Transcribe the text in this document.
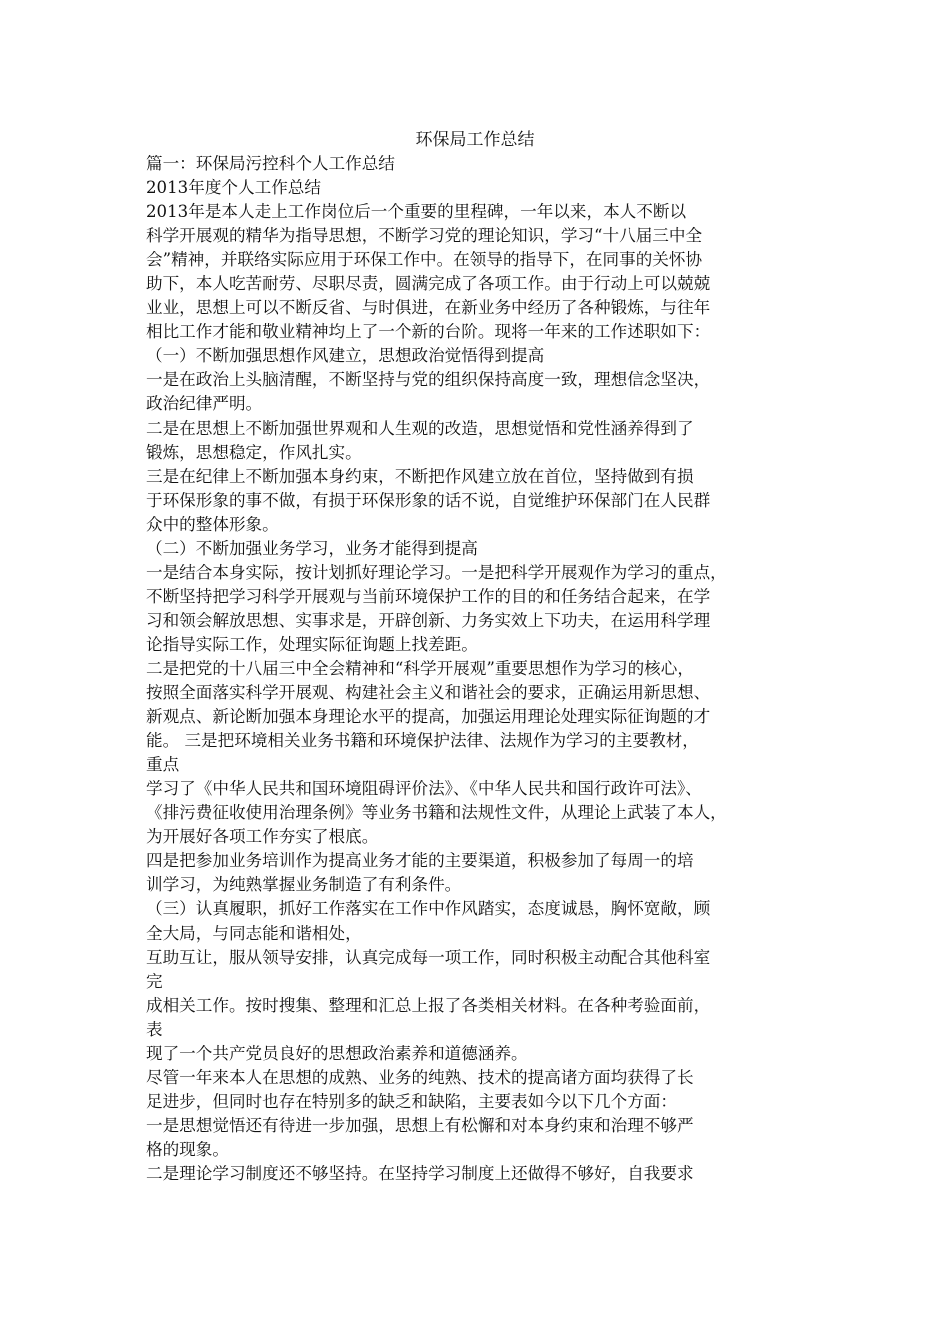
环保局工作总结
篇一：环保局污控科个人工作总结
2013年度个人工作总结
2013年是本人走上工作岗位后一个重要的里程碑，一年以来，本人不断以
科学开展观的精华为指导思想，不断学习党的理论知识，学习“十八届三中全
会”精神，并联络实际应用于环保工作中。在领导的指导下，在同事的关怀协
助下，本人吃苦耐劳、尽职尽责，圆满完成了各项工作。由于行动上可以兢兢
业业，思想上可以不断反省、与时俱进，在新业务中经历了各种锻炼，与往年
相比工作才能和敬业精神均上了一个新的台阶。现将一年来的工作述职如下：
（一）不断加强思想作风建立，思想政治觉悟得到提高
一是在政治上头脑清醒，不断坚持与党的组织保持高度一致，理想信念坚决，
政治纪律严明。
二是在思想上不断加强世界观和人生观的改造，思想觉悟和党性涵养得到了
锻炼，思想稳定，作风扎实。
三是在纪律上不断加强本身约束，不断把作风建立放在首位，坚持做到有损
于环保形象的事不做，有损于环保形象的话不说，自觉维护环保部门在人民群
众中的整体形象。
（二）不断加强业务学习，业务才能得到提高
一是结合本身实际，按计划抓好理论学习。一是把科学开展观作为学习的重点，
不断坚持把学习科学开展观与当前环境保护工作的目的和任务结合起来，在学
习和领会解放思想、实事求是，开辟创新、力务实效上下功夫，在运用科学理
论指导实际工作，处理实际征询题上找差距。
二是把党的十八届三中全会精神和“科学开展观”重要思想作为学习的核心，
按照全面落实科学开展观、构建社会主义和谐社会的要求，正确运用新思想、
新观点、新论断加强本身理论水平的提高，加强运用理论处理实际征询题的才
能。 三是把环境相关业务书籍和环境保护法律、法规作为学习的主要教材，
重点
学习了《中华人民共和国环境阻碍评价法》、《中华人民共和国行政许可法》、
《排污费征收使用治理条例》等业务书籍和法规性文件，从理论上武装了本人，
为开展好各项工作夯实了根底。
四是把参加业务培训作为提高业务才能的主要渠道，积极参加了每周一的培
训学习，为纯熟掌握业务制造了有利条件。
（三）认真履职，抓好工作落实在工作中作风踏实，态度诚恳，胸怀宽敞，顾
全大局，与同志能和谐相处，
互助互让，服从领导安排，认真完成每一项工作，同时积极主动配合其他科室
完
成相关工作。按时搜集、整理和汇总上报了各类相关材料。在各种考验面前，
表
现了一个共产党员良好的思想政治素养和道德涵养。
尽管一年来本人在思想的成熟、业务的纯熟、技术的提高诸方面均获得了长
足进步，但同时也存在特别多的缺乏和缺陷，主要表如今以下几个方面：
一是思想觉悟还有待进一步加强，思想上有松懈和对本身约束和治理不够严
格的现象。
二是理论学习制度还不够坚持。在坚持学习制度上还做得不够好，自我要求
